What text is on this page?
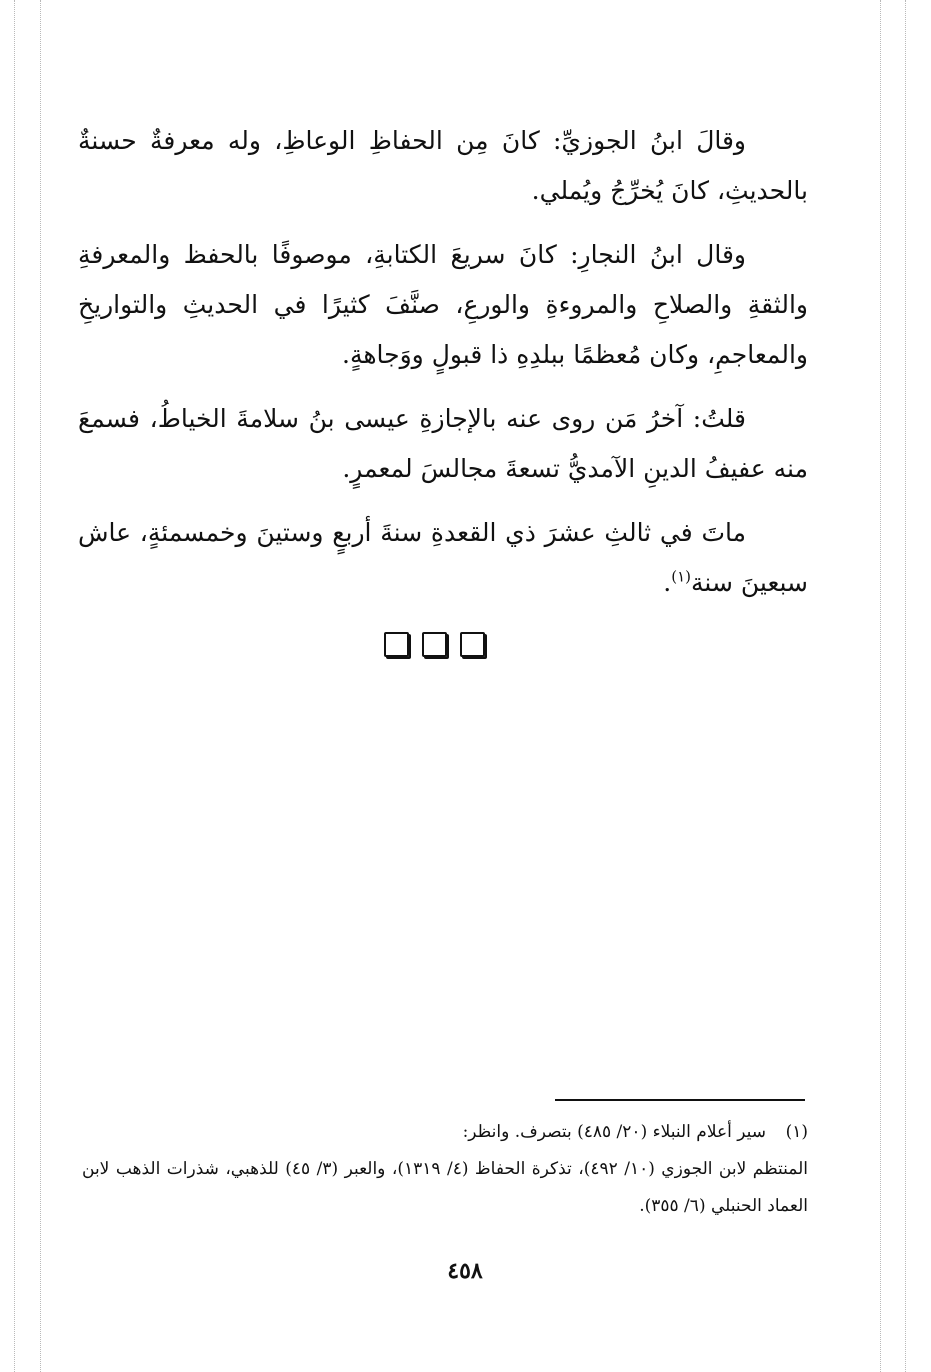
وقالَ ابنُ الجوزيِّ: كانَ مِن الحفاظِ الوعاظِ، وله معرفةٌ حسنةٌ بالحديثِ، كانَ يُخرِّجُ ويُملي.

وقال ابنُ النجارِ: كانَ سريعَ الكتابةِ، موصوفًا بالحفظ والمعرفةِ والثقةِ والصلاحِ والمروءةِ والورعِ، صنَّفَ كثيرًا في الحديثِ والتواريخِ والمعاجمِ، وكان مُعظمًا ببلدِهِ ذا قبولٍ ووَجاهةٍ.

قلتُ: آخرُ مَن روى عنه بالإجازةِ عيسى بنُ سلامةَ الخياطُ، فسمعَ منه عفيفُ الدينِ الآمديُّ تسعةَ مجالسَ لمعمرٍ.

ماتَ في ثالثِ عشرَ ذي القعدةِ سنةَ أربعٍ وستينَ وخمسمئةٍ، عاش سبعينَ سنة$^{(١)}$.

(١)سير أعلام النبلاء (٢٠/ ٤٨٥) بتصرف. وانظر:

المنتظم لابن الجوزي (١٠/ ٤٩٢)، تذكرة الحفاظ (٤/ ١٣١٩)، والعبر (٣/ ٤٥) للذهبي، شذرات الذهب لابن العماد الحنبلي (٦/ ٣٥٥).

٤٥٨
